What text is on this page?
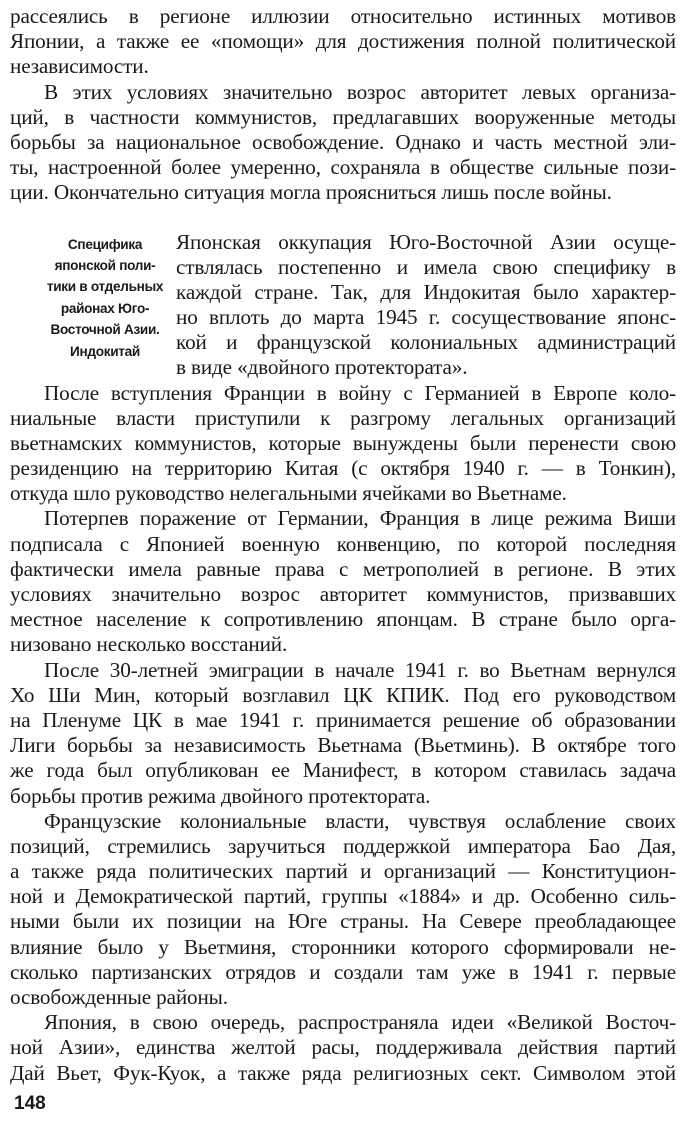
рассеялись в регионе иллюзии относительно истинных мотивов
Японии, а также ее «помощи» для достижения полной политической
независимости.
В этих условиях значительно возрос авторитет левых организа-
ций, в частности коммунистов, предлагавших вооруженные методы
борьбы за национальное освобождение. Однако и часть местной эли-
ты, настроенной более умеренно, сохраняла в обществе сильные пози-
ции. Окончательно ситуация могла проясниться лишь после войны.
Специфика
японской поли-
тики в отдельных
районах Юго-
Восточной Азии.
Индокитай
Японская оккупация Юго-Восточной Азии осуще-
ствлялась постепенно и имела свою специфику в
каждой стране. Так, для Индокитая было характер-
но вплоть до марта 1945 г. сосуществование японс-
кой и французской колониальных администраций
в виде «двойного протектората».
После вступления Франции в войну с Германией в Европе коло-
ниальные власти приступили к разгрому легальных организаций
вьетнамских коммунистов, которые вынуждены были перенести свою
резиденцию на территорию Китая (с октября 1940 г. — в Тонкин),
откуда шло руководство нелегальными ячейками во Вьетнаме.
Потерпев поражение от Германии, Франция в лице режима Виши
подписала с Японией военную конвенцию, по которой последняя
фактически имела равные права с метрополией в регионе. В этих
условиях значительно возрос авторитет коммунистов, призвавших
местное население к сопротивлению японцам. В стране было орга-
низовано несколько восстаний.
После 30-летней эмиграции в начале 1941 г. во Вьетнам вернулся
Хо Ши Мин, который возглавил ЦК КПИК. Под его руководством
на Пленуме ЦК в мае 1941 г. принимается решение об образовании
Лиги борьбы за независимость Вьетнама (Вьетминь). В октябре того
же года был опубликован ее Манифест, в котором ставилась задача
борьбы против режима двойного протектората.
Французские колониальные власти, чувствуя ослабление своих
позиций, стремились заручиться поддержкой императора Бао Дая,
а также ряда политических партий и организаций — Конституцион-
ной и Демократической партий, группы «1884» и др. Особенно силь-
ными были их позиции на Юге страны. На Севере преобладающее
влияние было у Вьетминя, сторонники которого сформировали не-
сколько партизанских отрядов и создали там уже в 1941 г. первые
освобожденные районы.
Япония, в свою очередь, распространяла идеи «Великой Восточ-
ной Азии», единства желтой расы, поддерживала действия партий
Дай Вьет, Фук-Куок, а также ряда религиозных сект. Символом этой
148
